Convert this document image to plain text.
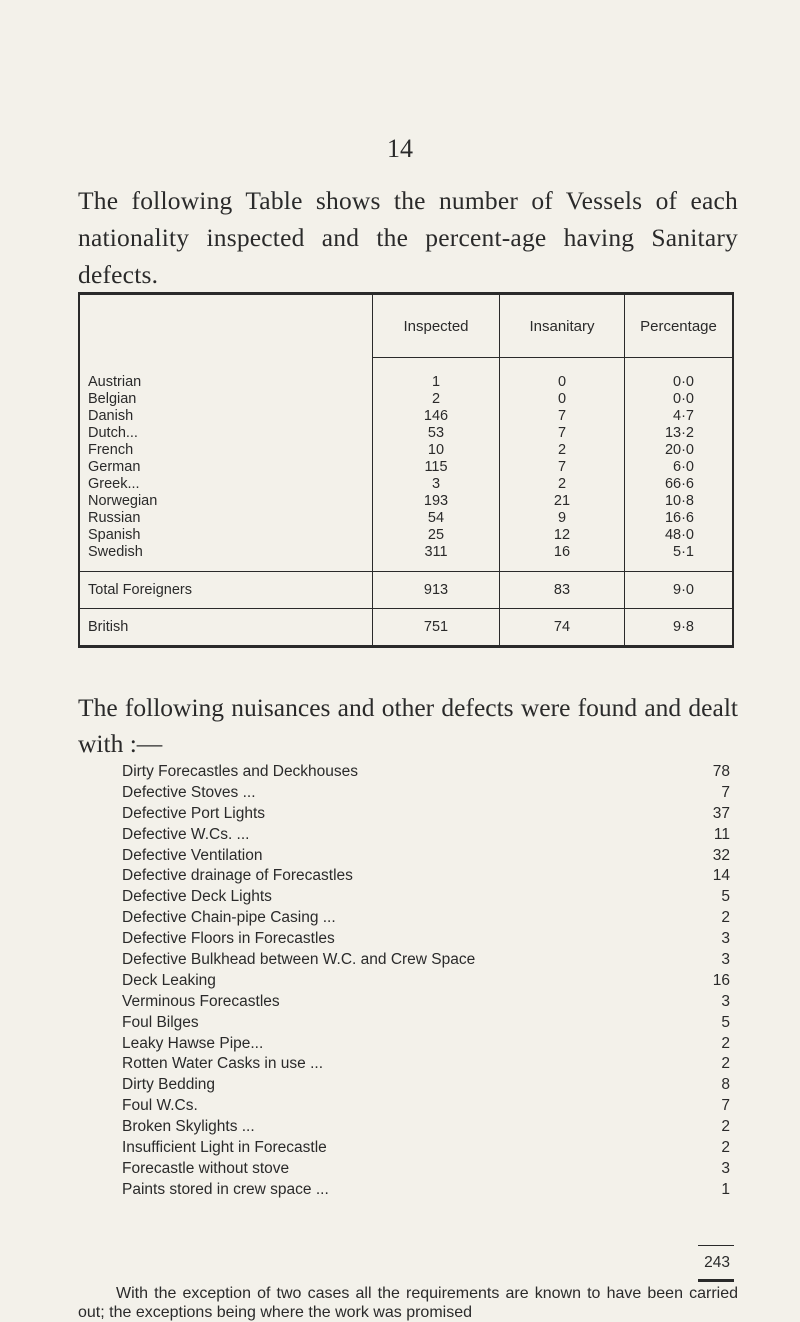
14
The following Table shows the number of Vessels of each nationality inspected and the percent-age having Sanitary defects.
	Inspected	Insanitary	Percentage
Austrian	1	0	0·0
Belgian	2	0	0·0
Danish	146	7	4·7
Dutch...	53	7	13·2
French	10	2	20·0
German	115	7	6·0
Greek...	3	2	66·6
Norwegian	193	21	10·8
Russian	54	9	16·6
Spanish	25	12	48·0
Swedish	311	16	5·1
Total Foreigners	913	83	9·0
British	751	74	9·8
The following nuisances and other defects were found and dealt with :—
Dirty Forecastles and Deckhouses	78
Defective Stoves ...	7
Defective Port Lights	37
Defective W.Cs. ...	11
Defective Ventilation	32
Defective drainage of Forecastles	14
Defective Deck Lights	5
Defective Chain-pipe Casing ...	2
Defective Floors in Forecastles	3
Defective Bulkhead between W.C. and Crew Space	3
Deck Leaking	16
Verminous Forecastles	3
Foul Bilges	5
Leaky Hawse Pipe...	2
Rotten Water Casks in use ...	2
Dirty Bedding	8
Foul W.Cs.	7
Broken Skylights ...	2
Insufficient Light in Forecastle	2
Forecastle without stove	3
Paints stored in crew space ...	1
243
With the exception of two cases all the requirements are known to have been carried out; the exceptions being where the work was promised
